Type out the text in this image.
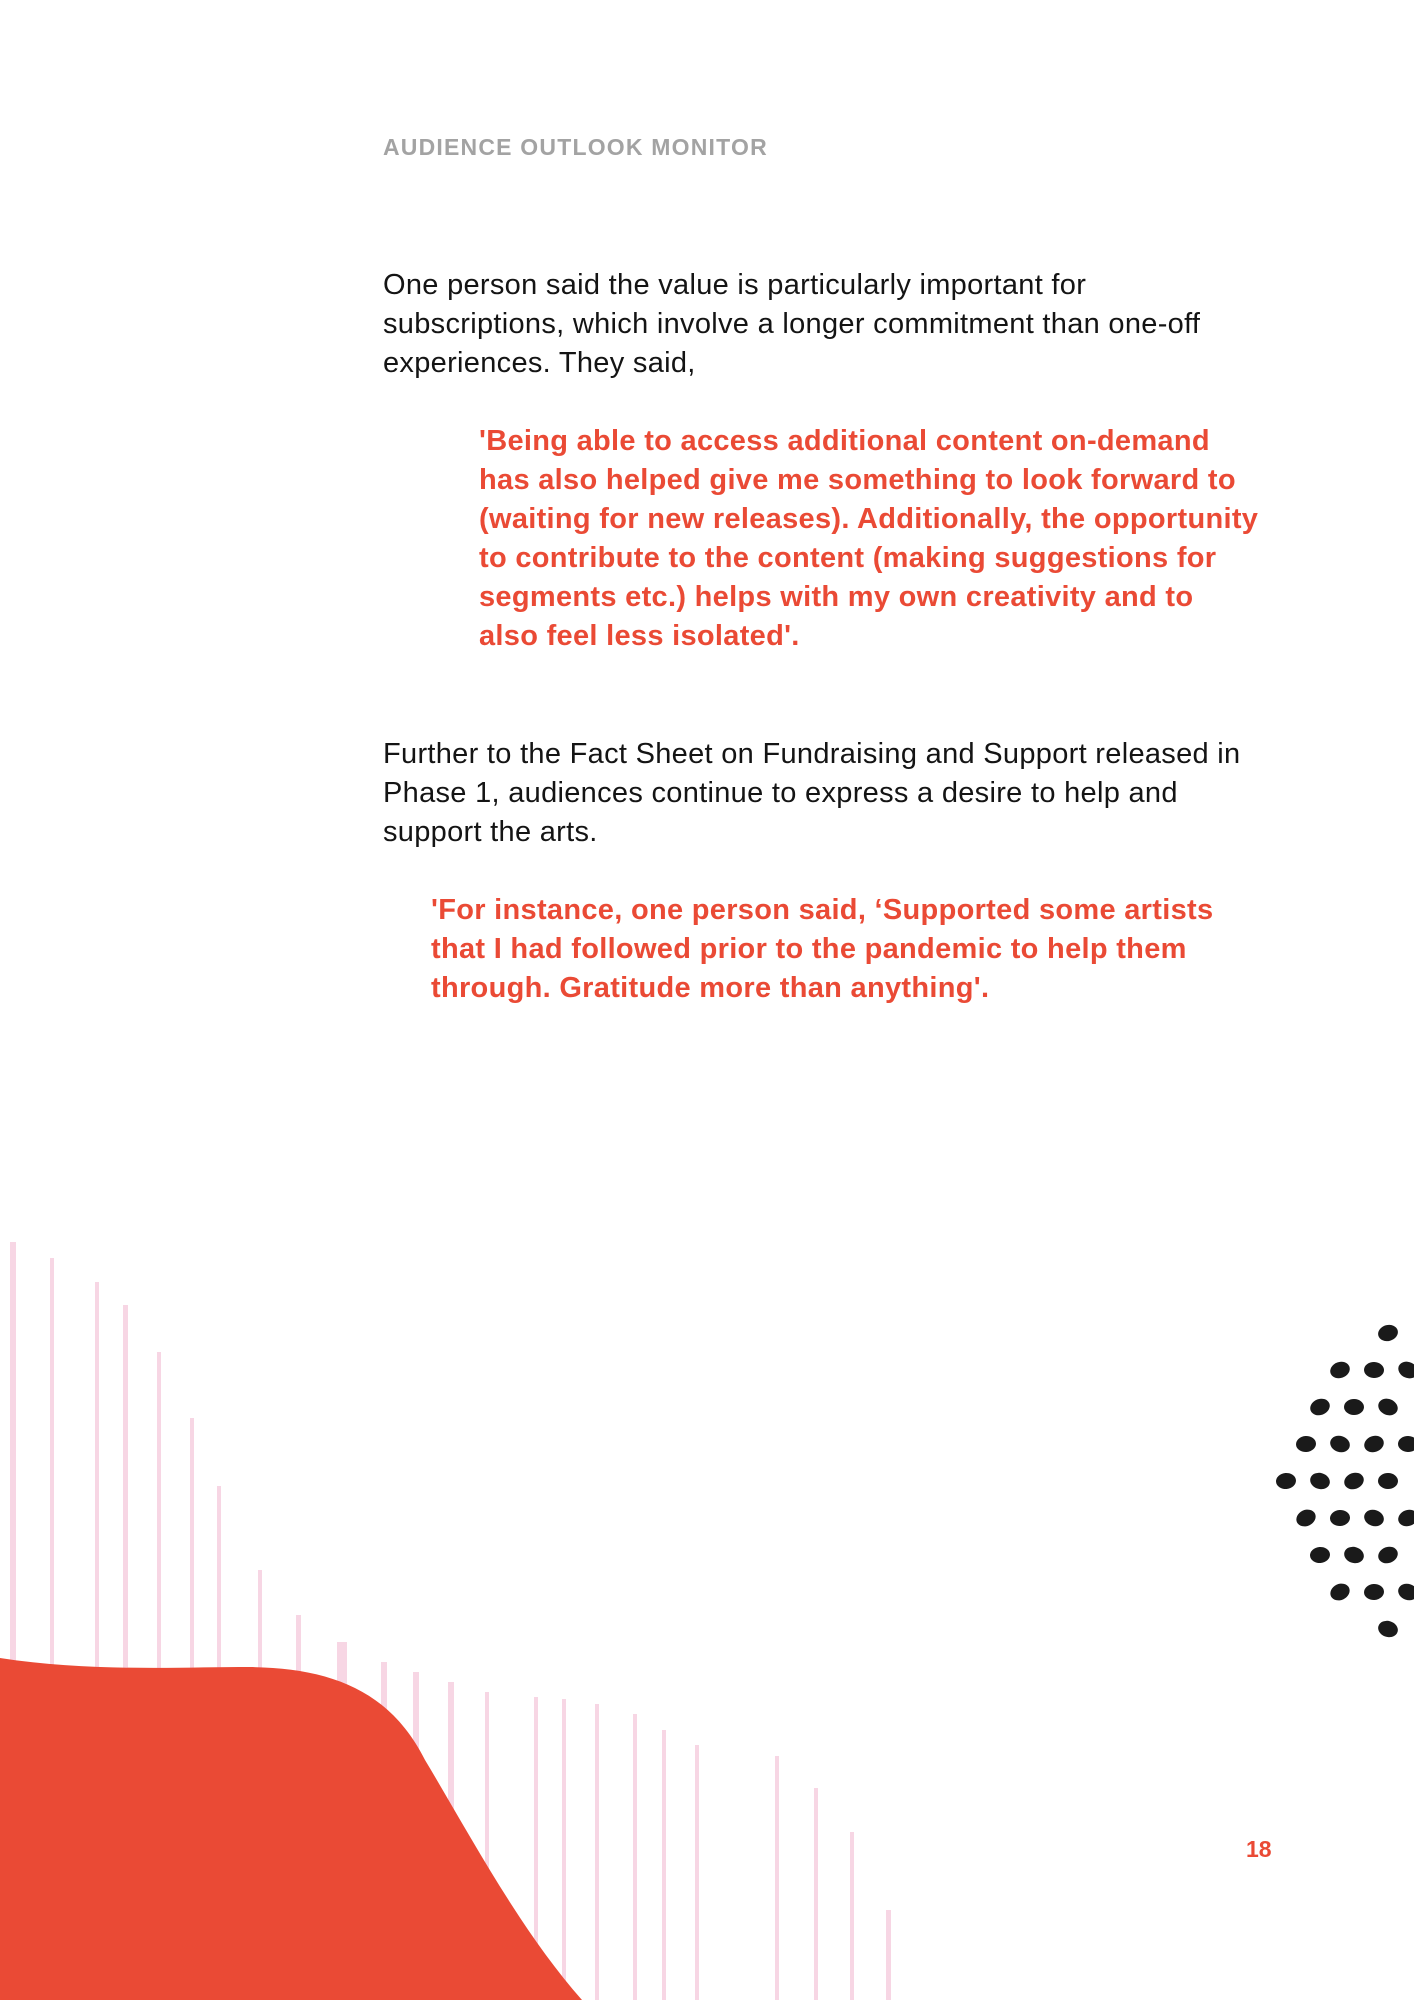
AUDIENCE OUTLOOK MONITOR

One person said the value is particularly important for subscriptions, which involve a longer commitment than one-off experiences. They said,

'Being able to access additional content on-demand has also helped give me something to look forward to (waiting for new releases). Additionally, the opportunity to contribute to the content (making suggestions for segments etc.) helps with my own creativity and to also feel less isolated'.

Further to the Fact Sheet on Fundraising and Support released in Phase 1, audiences continue to express a desire to help and support the arts.

'For instance, one person said, ‘Supported some artists that I had followed prior to the pandemic to help them through. Gratitude more than anything'.

18
